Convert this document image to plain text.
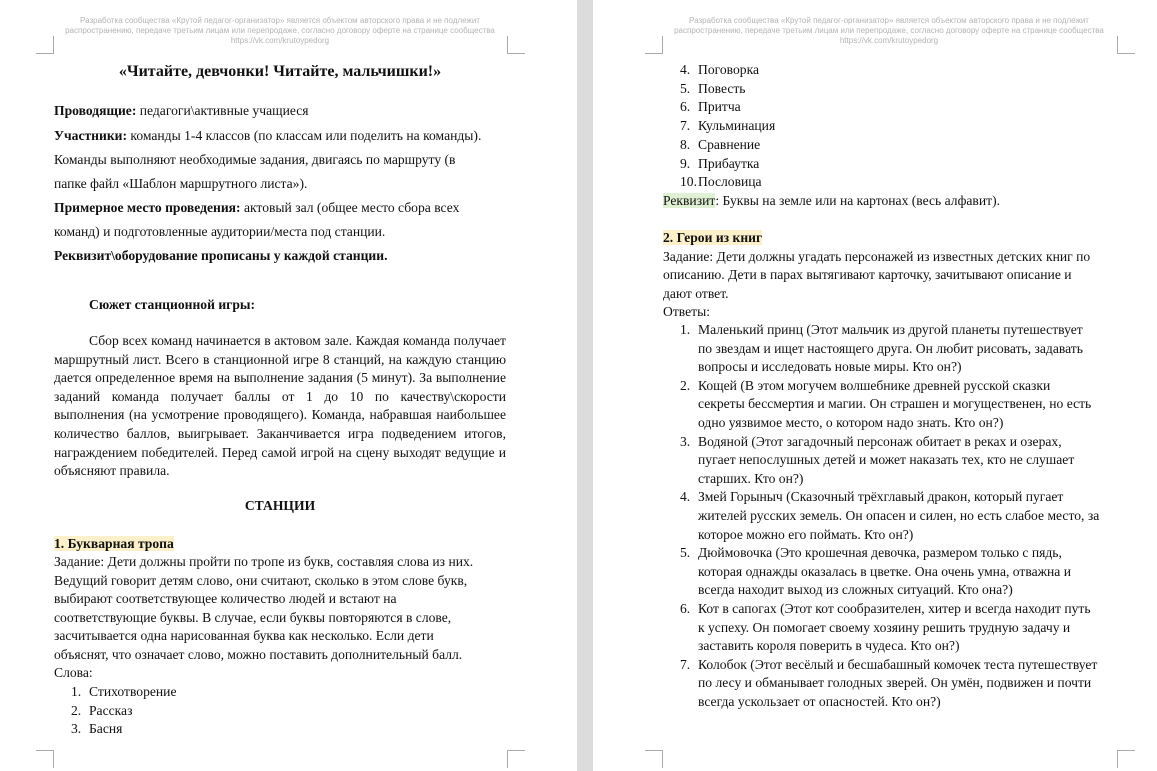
Разработка сообщества «Крутой педагог-организатор» является объектом авторского права и не подлежит
распространению, передаче третьим лицам или перепродаже, согласно договору оферте на странице сообщества
https://vk.com/krutoypedorg
«Читайте, девчонки! Читайте, мальчишки!»
Проводящие: педагоги\активные учащиеся
Участники: команды 1-4 классов (по классам или поделить на команды).
Команды выполняют необходимые задания, двигаясь по маршруту (в
папке файл «Шаблон маршрутного листа»).
Примерное место проведения: актовый зал (общее место сбора всех
команд) и подготовленные аудитории/места под станции.
Реквизит\оборудование прописаны у каждой станции.
Сюжет станционной игры:
Сбор всех команд начинается в актовом зале. Каждая команда получает маршрутный лист. Всего в станционной игре 8 станций, на каждую станцию дается определенное время на выполнение задания (5 минут). За выполнение заданий команда получает баллы от 1 до 10 по качеству\скорости выполнения (на усмотрение проводящего). Команда, набравшая наибольшее количество баллов, выигрывает. Заканчивается игра подведением итогов, награждением победителей. Перед самой игрой на сцену выходят ведущие и объясняют правила.
СТАНЦИИ
1. Букварная тропа
Задание: Дети должны пройти по тропе из букв, составляя слова из них.
Ведущий говорит детям слово, они считают, сколько в этом слове букв,
выбирают соответствующее количество людей и встают на
соответствующие буквы. В случае, если буквы повторяются в слове,
засчитывается одна нарисованная буква как несколько. Если дети
объяснят, что означает слово, можно поставить дополнительный балл.
Слова:
1. Стихотворение
2. Рассказ
3. Басня
Разработка сообщества «Крутой педагог-организатор» является объектом авторского права и не подлежит
распространению, передаче третьим лицам или перепродаже, согласно договору оферте на странице сообщества
https://vk.com/krutoypedorg
4. Поговорка
5. Повесть
6. Притча
7. Кульминация
8. Сравнение
9. Прибаутка
10.Пословица
Реквизит: Буквы на земле или на картонах (весь алфавит).
2. Герои из книг
Задание: Дети должны угадать персонажей из известных детских книг по
описанию. Дети в парах вытягивают карточку, зачитывают описание и
дают ответ.
Ответы:
1. Маленький принц (Этот мальчик из другой планеты путешествует
по звездам и ищет настоящего друга. Он любит рисовать, задавать
вопросы и исследовать новые миры. Кто он?)
2. Кощей (В этом могучем волшебнике древней русской сказки
секреты бессмертия и магии. Он страшен и могущественен, но есть
одно уязвимое место, о котором надо знать. Кто он?)
3. Водяной (Этот загадочный персонаж обитает в реках и озерах,
пугает непослушных детей и может наказать тех, кто не слушает
старших. Кто он?)
4. Змей Горыныч (Сказочный трёхглавый дракон, который пугает
жителей русских земель. Он опасен и силен, но есть слабое место, за
которое можно его поймать. Кто он?)
5. Дюймовочка (Это крошечная девочка, размером только с пядь,
которая однажды оказалась в цветке. Она очень умна, отважна и
всегда находит выход из сложных ситуаций. Кто она?)
6. Кот в сапогах (Этот кот сообразителен, хитер и всегда находит путь
к успеху. Он помогает своему хозяину решить трудную задачу и
заставить короля поверить в чудеса. Кто он?)
7. Колобок (Этот весёлый и бесшабашный комочек теста путешествует
по лесу и обманывает голодных зверей. Он умён, подвижен и почти
всегда ускользает от опасностей. Кто он?)
